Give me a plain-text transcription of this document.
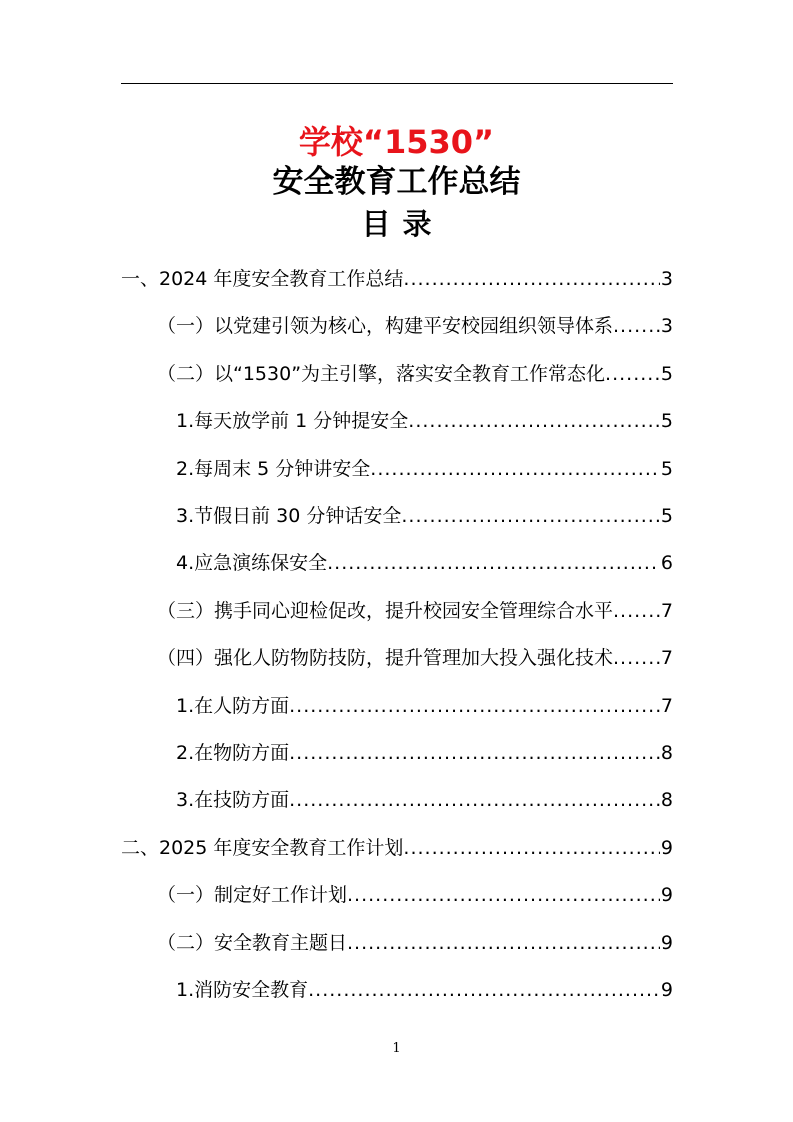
学校“1530”
安全教育工作总结
目录
一、2024 年度安全教育工作总结 .....	3
（一）以党建引领为核心，构建平安校园组织领导体系 .....	3
（二）以“1530”为主引擎，落实安全教育工作常态化 .....	5
1.每天放学前 1 分钟提安全 .....	5
2.每周末 5 分钟讲安全 .....	5
3.节假日前 30 分钟话安全 .....	5
4.应急演练保安全 .....	6
（三）携手同心迎检促改，提升校园安全管理综合水平 .....	7
（四）强化人防物防技防，提升管理加大投入强化技术 .....	7
1.在人防方面 .....	7
2.在物防方面 .....	8
3.在技防方面 .....	8
二、2025 年度安全教育工作计划 .....	9
（一）制定好工作计划 .....	9
（二）安全教育主题日 .....	9
1.消防安全教育 .....	9
1
